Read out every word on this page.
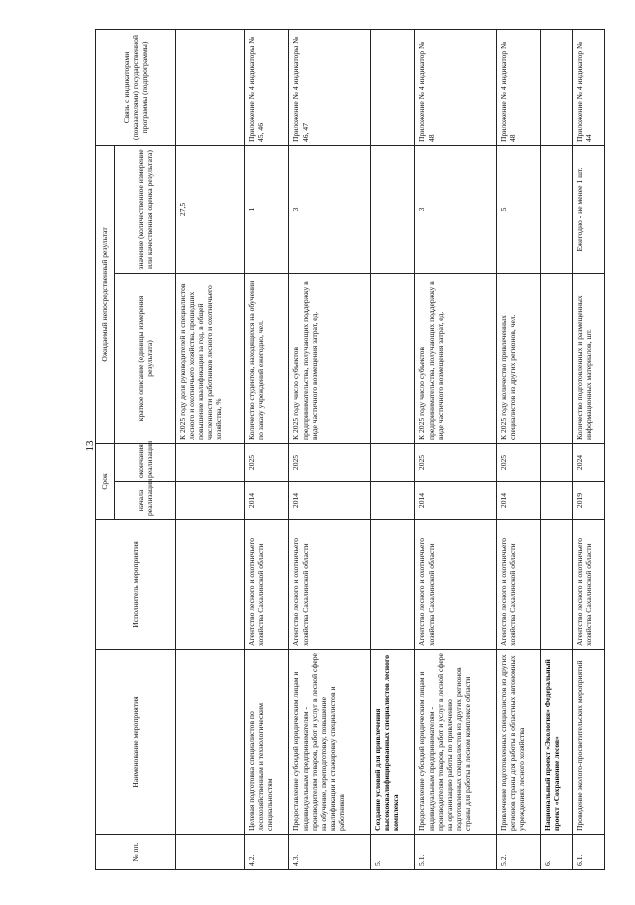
13
№ пп.	Наименование мероприятия	Исполнитель мероприятия	Срок		Ожидаемый непосредственный результат		Связь с индикаторами (показателями) государственной программы (подпрограммы)
			начала реализации	окончания реализации			
					краткое описание (единицы измерения результата)	значение (количественное измерение или качественная оценка результата)	
					К 2025 году доля руководителей и специалистов лесного и охотничьего хозяйства, прошедших повышение квалификации за год, в общей численности работников лесного и охотничьего хозяйства, %	27,5	
4.2.	Целевая подготовка специалистов по лесохозяйственным и технологическим специальностям	Агентство лесного и охотничьего хозяйства Сахалинской области	2014	2025	Количество студентов, находящихся на обучении по заказу учреждений ежегодно, чел.	1	Приложение № 4 индикаторы № 45, 46
4.3.	Предоставление субсидий юридическим лицам и индивидуальным предпринимателям - производителям товаров, работ и услуг в лесной сфере на обучение, переподготовку, повышение квалификации и стажировку специалистов и работников	Агентство лесного и охотничьего хозяйства Сахалинской области	2014	2025	К 2025 году число субъектов предпринимательства, получающих поддержку в виде частичного возмещения затрат, ед.	3	Приложение № 4 индикаторы № 46, 47
5.	Создание условий для привлечения высококвалифицированных специалистов лесного комплекса						
5.1.	Предоставление субсидий юридическим лицам и индивидуальным предпринимателям - производителям товаров, работ и услуг в лесной сфере на организацию работы по привлечению подготовленных специалистов из других регионов страны для работы в лесном комплексе области	Агентство лесного и охотничьего хозяйства Сахалинской области	2014	2025	К 2025 году число субъектов предпринимательства, получающих поддержку в виде частичного возмещения затрат, ед.	3	Приложение № 4 индикатор № 48
5.2.	Привлечение подготовленных специалистов из других регионов страны для работы в областных автономных учреждениях лесного хозяйства	Агентство лесного и охотничьего хозяйства Сахалинской области	2014	2025	К 2025 году количество привлеченных специалистов из других регионов, чел.	5	Приложение № 4 индикатор № 48
6.	Национальный проект «Экология» Федеральный проект «Сохранение лесов»						
6.1.	Проведение эколого-просветительских мероприятий	Агентство лесного и охотничьего хозяйства Сахалинской области	2019	2024	Количество подготовленных и размещенных информационных материалов, шт.	Ежегодно - не менее 1 шт.	Приложение № 4 индикатор № 44
